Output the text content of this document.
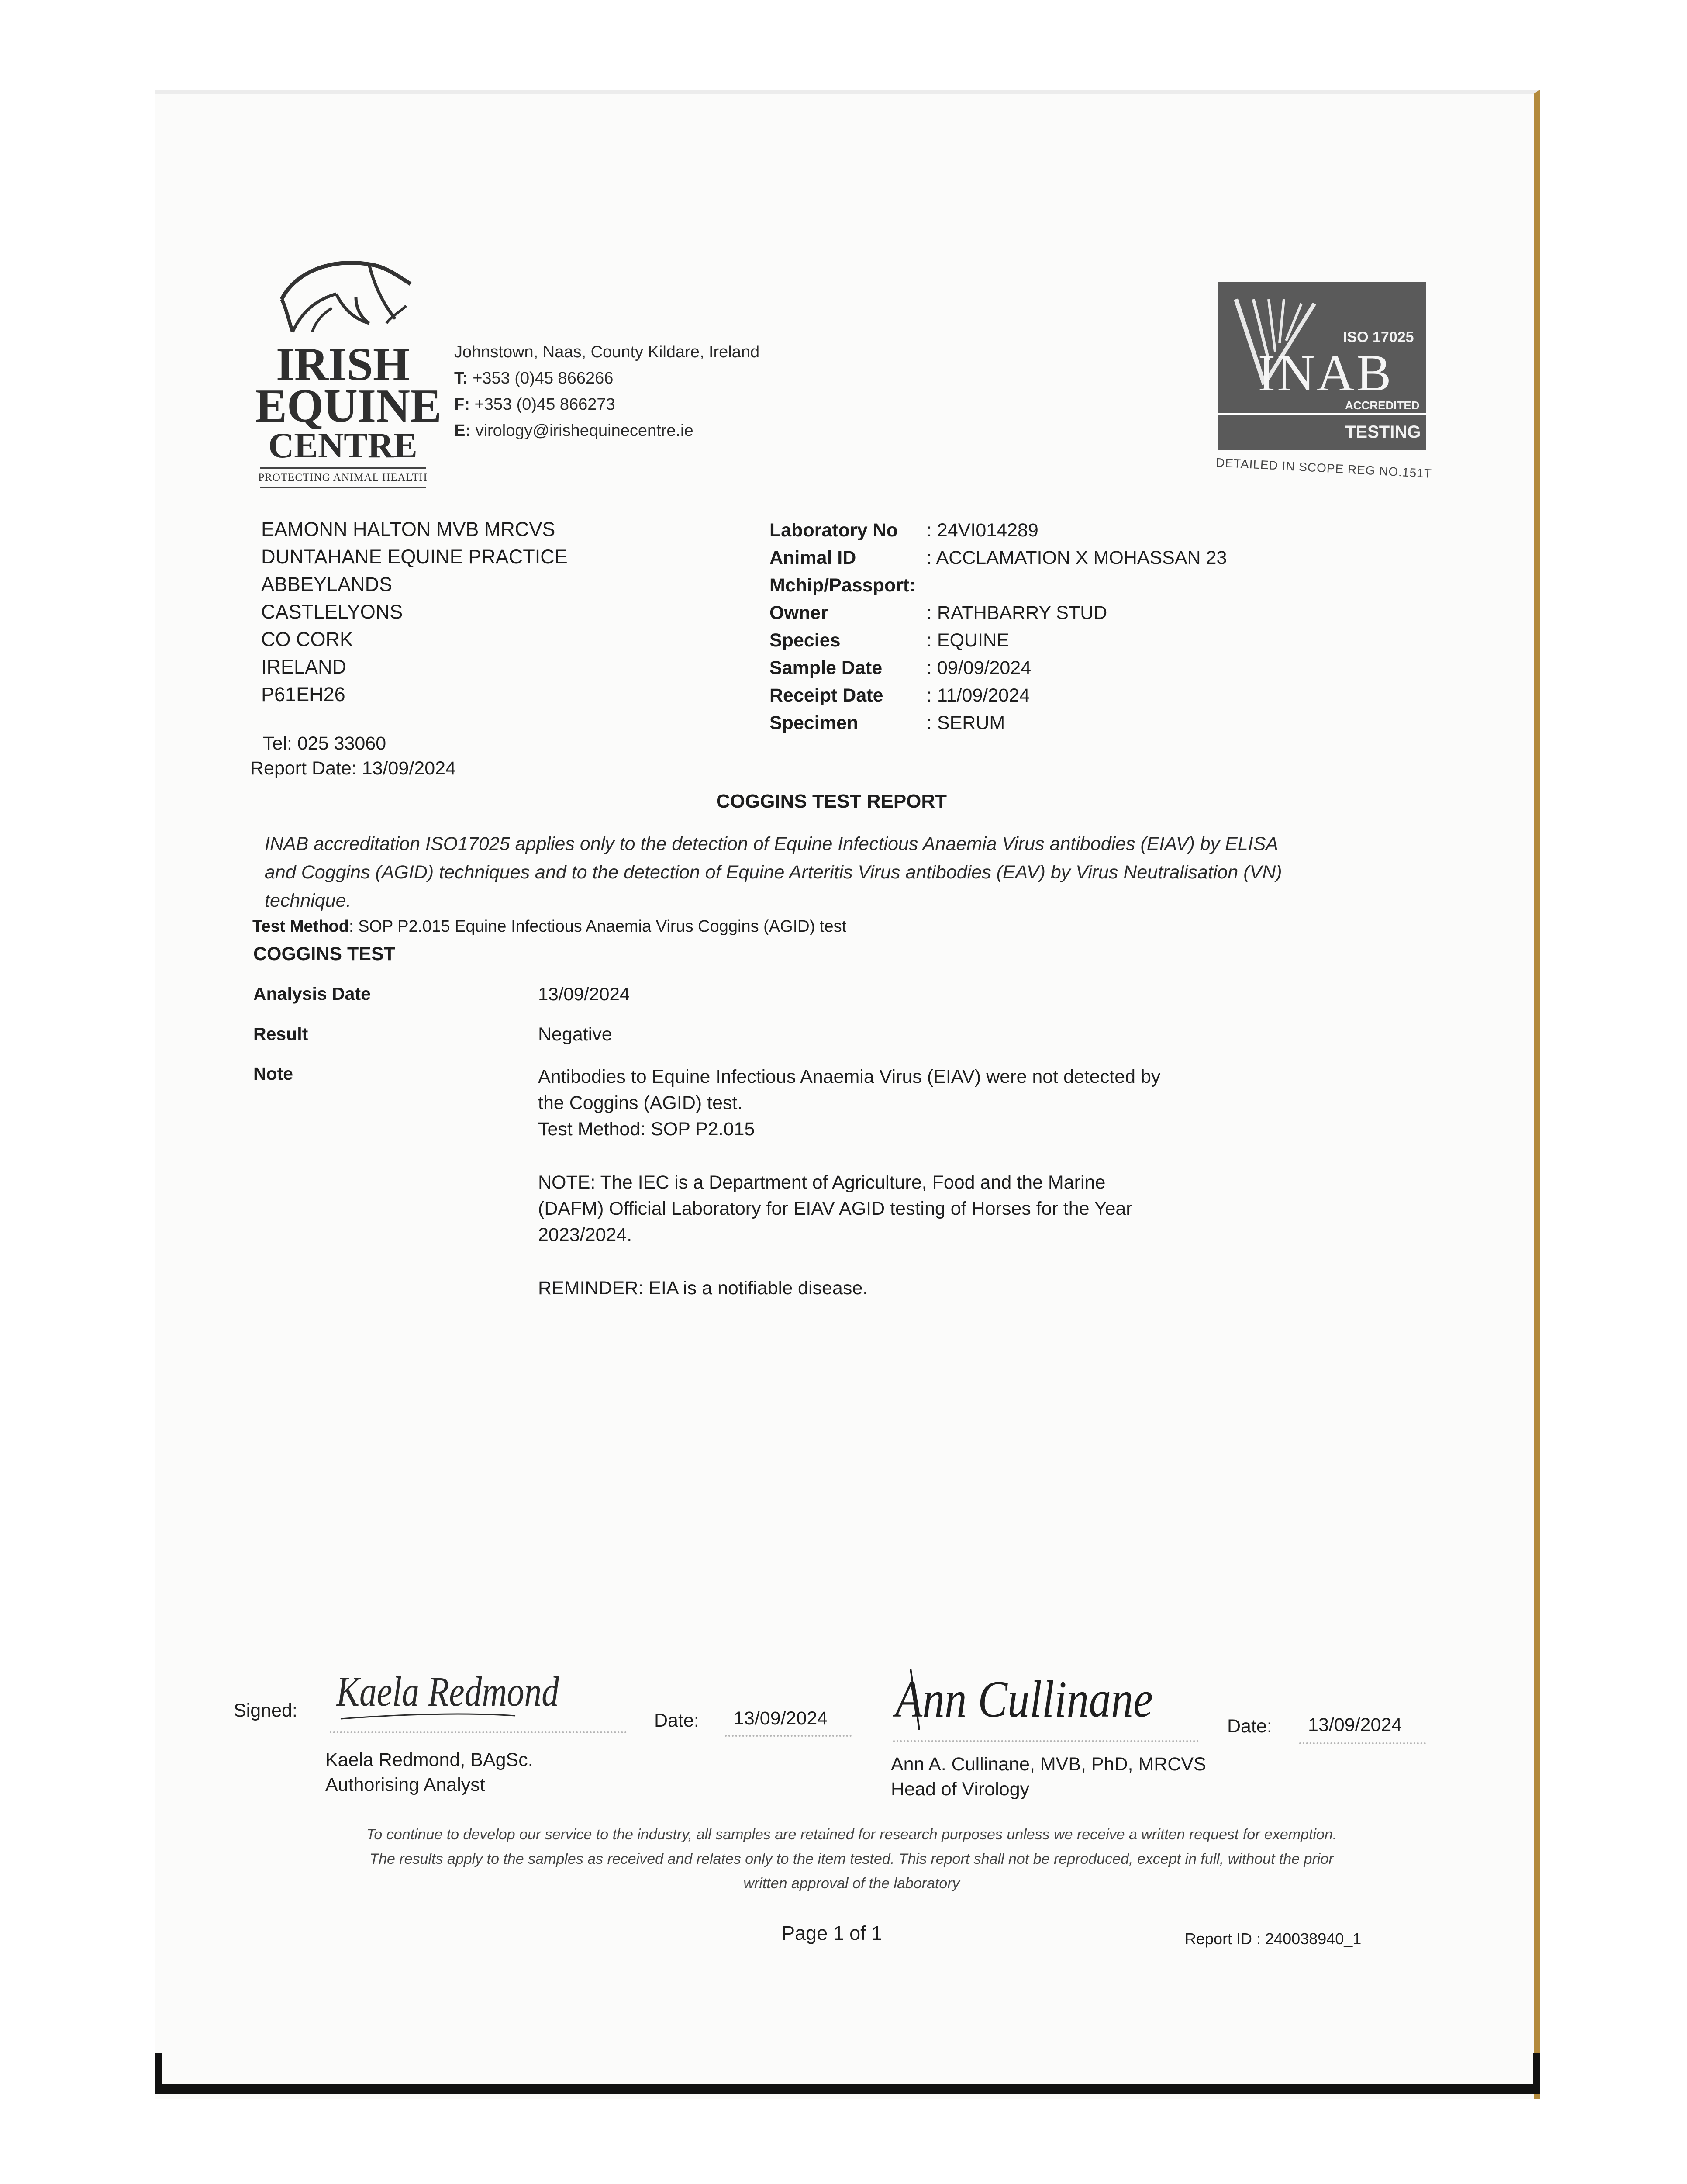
IRISH
EQUINE
CENTRE
PROTECTING ANIMAL HEALTH
Johnstown, Naas, County Kildare, Ireland
T: +353 (0)45 866266
F: +353 (0)45 866273
E: virology@irishequinecentre.ie
ISO 17025
INAB
ACCREDITED
TESTING
DETAILED IN SCOPE REG NO.151T
EAMONN HALTON MVB MRCVS
DUNTAHANE EQUINE PRACTICE
ABBEYLANDS
CASTLELYONS
CO CORK
IRELAND
P61EH26
Tel: 025 33060
Report Date: 13/09/2024
Laboratory No	: 24VI014289
Animal ID	: ACCLAMATION X MOHASSAN 23
Mchip/Passport:
Owner	: RATHBARRY STUD
Species	: EQUINE
Sample Date	: 09/09/2024
Receipt Date	: 11/09/2024
Specimen	: SERUM
COGGINS TEST REPORT
INAB accreditation ISO17025 applies only to the detection of Equine Infectious Anaemia Virus antibodies (EIAV) by ELISA
and Coggins (AGID) techniques and to the detection of Equine Arteritis Virus antibodies (EAV) by Virus Neutralisation (VN)
technique.
Test Method: SOP P2.015 Equine Infectious Anaemia Virus Coggins (AGID) test
COGGINS TEST
Analysis Date	13/09/2024
Result	Negative
Note	Antibodies to Equine Infectious Anaemia Virus (EIAV) were not detected by
the Coggins (AGID) test.
Test Method: SOP P2.015
NOTE: The IEC is a Department of Agriculture, Food and the Marine
(DAFM) Official Laboratory for EIAV AGID testing of Horses for the Year
2023/2024.
REMINDER: EIA is a notifiable disease.
Signed: Kaela Redmond
Date: 13/09/2024
Kaela Redmond, BAgSc.
Authorising Analyst
Ann Cullinane	Date: 13/09/2024
Ann A. Cullinane, MVB, PhD, MRCVS
Head of Virology
To continue to develop our service to the industry, all samples are retained for research purposes unless we receive a written request for exemption.
The results apply to the samples as received and relates only to the item tested. This report shall not be reproduced, except in full, without the prior
written approval of the laboratory
Page 1 of 1	Report ID : 240038940_1
